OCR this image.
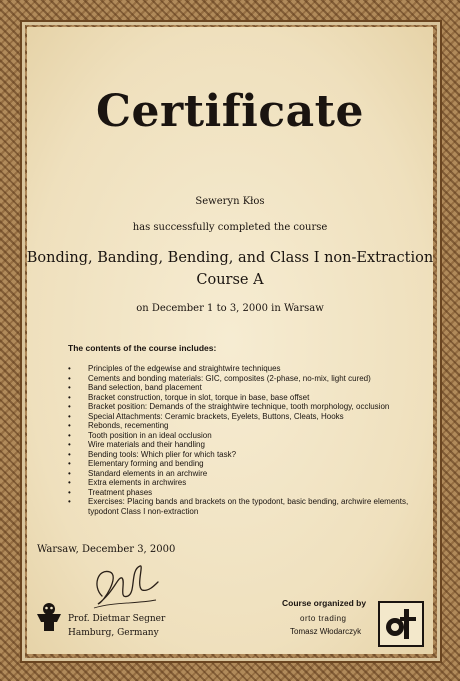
Certificate
Seweryn Kłos
has successfully completed the course
Bonding, Banding, Bending, and Class I non-Extraction
Course A
on December 1 to 3, 2000 in Warsaw
The contents of the course includes:
• Principles of the edgewise and straightwire techniques
• Cements and bonding materials: GIC, composites (2-phase, no-mix, light cured)
• Band selection, band placement
• Bracket construction, torque in slot, torque in base, base offset
• Bracket position: Demands of the straightwire technique, tooth morphology, occlusion
• Special Attachments: Ceramic brackets, Eyelets, Buttons, Cleats, Hooks
• Rebonds, recementing
• Tooth position in an ideal occlusion
• Wire materials and their handling
• Bending tools: Which plier for which task?
• Elementary forming and bending
• Standard elements in an archwire
• Extra elements in archwires
• Treatment phases
• Exercises: Placing bands and brackets on the typodont, basic bending, archwire elements, typodont Class I non-extraction
Warsaw, December 3, 2000
Prof. Dietmar Segner
Hamburg, Germany
Course organized by
orto trading
Tomasz Włodarczyk
